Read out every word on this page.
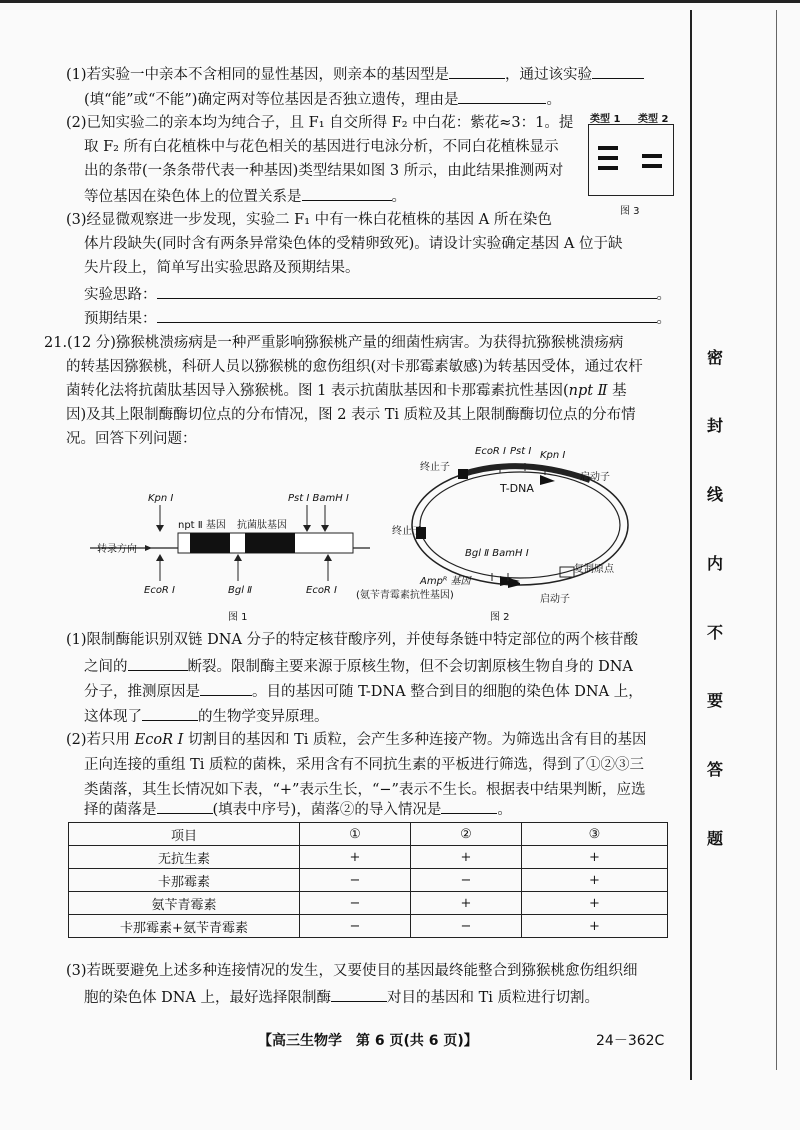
密
封
线
内
不
要
答
题
(1)若实验一中亲本不含相同的显性基因，则亲本的基因型是	，通过该实验
(填“能”或“不能”)确定两对等位基因是否独立遗传，理由是	。
(2)已知实验二的亲本均为纯合子，且 F₁ 自交所得 F₂ 中白花：紫花≈3：1。提
取 F₂ 所有白花植株中与花色相关的基因进行电泳分析，不同白花植株显示
出的条带(一条条带代表一种基因)类型结果如图 3 所示，由此结果推测两对
等位基因在染色体上的位置关系是	。
类型 1 类型 2
图 3
(3)经显微观察进一步发现，实验二 F₁ 中有一株白花植株的基因 A 所在染色
体片段缺失(同时含有两条异常染色体的受精卵致死)。请设计实验确定基因 A 位于缺
失片段上，简单写出实验思路及预期结果。
实验思路：	。
预期结果：	。
21.(12 分)猕猴桃溃疡病是一种严重影响猕猴桃产量的细菌性病害。为获得抗猕猴桃溃疡病
的转基因猕猴桃，科研人员以猕猴桃的愈伤组织(对卡那霉素敏感)为转基因受体，通过农杆
菌转化法将抗菌肽基因导入猕猴桃。图 1 表示抗菌肽基因和卡那霉素抗性基因(npt Ⅱ 基
因)及其上限制酶酶切位点的分布情况，图 2 表示 Ti 质粒及其上限制酶酶切位点的分布情
况。回答下列问题：
Kpn Ⅰ	Pst Ⅰ BamH Ⅰ
npt Ⅱ 基因 抗菌肽基因
转录方向
EcoR Ⅰ	Bgl Ⅱ	EcoR Ⅰ
图 1
终止子
EcoR Ⅰ Pst Ⅰ Kpn Ⅰ
启动子
T-DNA
终止子
Bgl Ⅱ BamH Ⅰ
复制原点
Ampᴿ 基因
(氨苄青霉素抗性基因)	启动子
图 2
(1)限制酶能识别双链 DNA 分子的特定核苷酸序列，并使每条链中特定部位的两个核苷酸
之间的	断裂。限制酶主要来源于原核生物，但不会切割原核生物自身的 DNA
分子，推测原因是	。目的基因可随 T-DNA 整合到目的细胞的染色体 DNA 上，
这体现了	的生物学变异原理。
(2)若只用 EcoR Ⅰ 切割目的基因和 Ti 质粒，会产生多种连接产物。为筛选出含有目的基因
正向连接的重组 Ti 质粒的菌株，采用含有不同抗生素的平板进行筛选，得到了①②③三
类菌落，其生长情况如下表，“+”表示生长，“−”表示不生长。根据表中结果判断，应选
择的菌落是	(填表中序号)，菌落②的导入情况是	。
项目	①	②	③
无抗生素	+	+	+
卡那霉素	−	−	+
氨苄青霉素	−	+	+
卡那霉素+氨苄青霉素	−	−	+
(3)若既要避免上述多种连接情况的发生，又要使目的基因最终能整合到猕猴桃愈伤组织细
胞的染色体 DNA 上，最好选择限制酶	对目的基因和 Ti 质粒进行切割。
【高三生物学　第 6 页(共 6 页)】	24－362C
